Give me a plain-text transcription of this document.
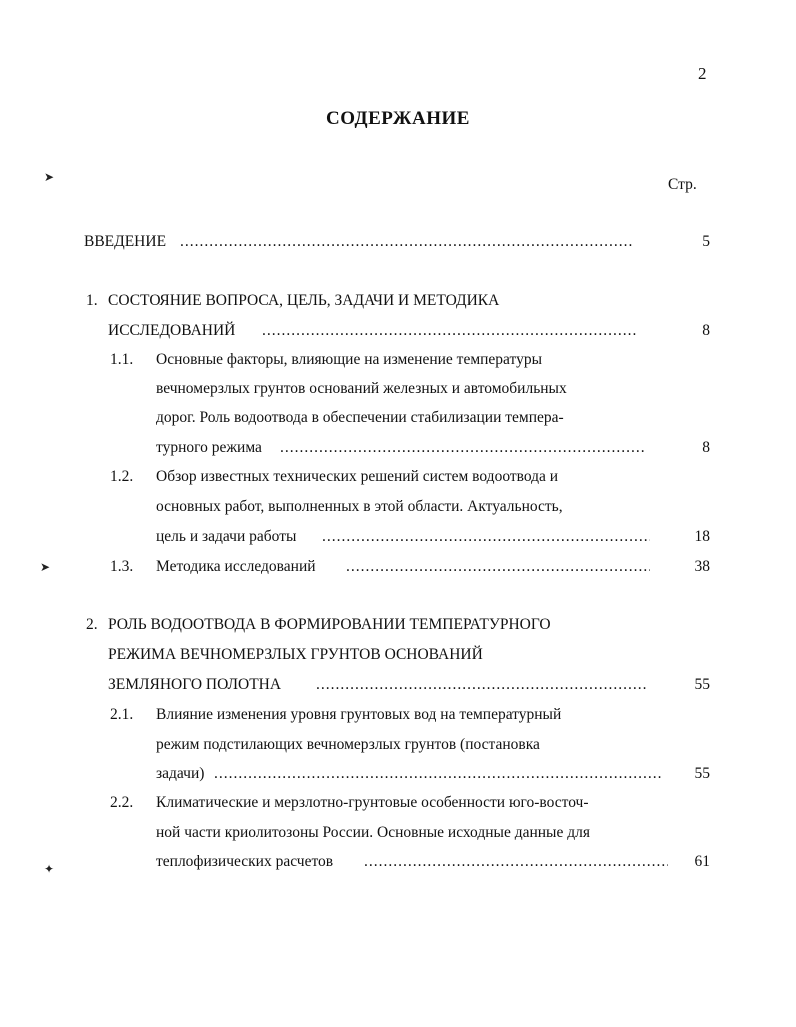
2
СОДЕРЖАНИЕ
Стр.
➤
➤
✦
ВВЕДЕНИЕ .....	5
1. СОСТОЯНИЕ ВОПРОСА, ЦЕЛЬ, ЗАДАЧИ И МЕТОДИКА
ИССЛЕДОВАНИЙ .....	8
1.1. Основные факторы, влияющие на изменение температуры
вечномерзлых грунтов оснований железных и автомобильных
дорог. Роль водоотвода в обеспечении стабилизации темпера-
турного режима .....	8
1.2. Обзор известных технических решений систем водоотвода и
основных работ, выполненных в этой области. Актуальность,
цель и задачи работы .....	18
1.3. Методика исследований .....	38
2. РОЛЬ ВОДООТВОДА В ФОРМИРОВАНИИ ТЕМПЕРАТУРНОГО
РЕЖИМА ВЕЧНОМЕРЗЛЫХ ГРУНТОВ ОСНОВАНИЙ
ЗЕМЛЯНОГО ПОЛОТНА .....	55
2.1. Влияние изменения уровня грунтовых вод на температурный
режим подстилающих вечномерзлых грунтов (постановка
задачи) .....	55
2.2. Климатические и мерзлотно-грунтовые особенности юго-восточ-
ной части криолитозоны России. Основные исходные данные для
теплофизических расчетов .....	61
